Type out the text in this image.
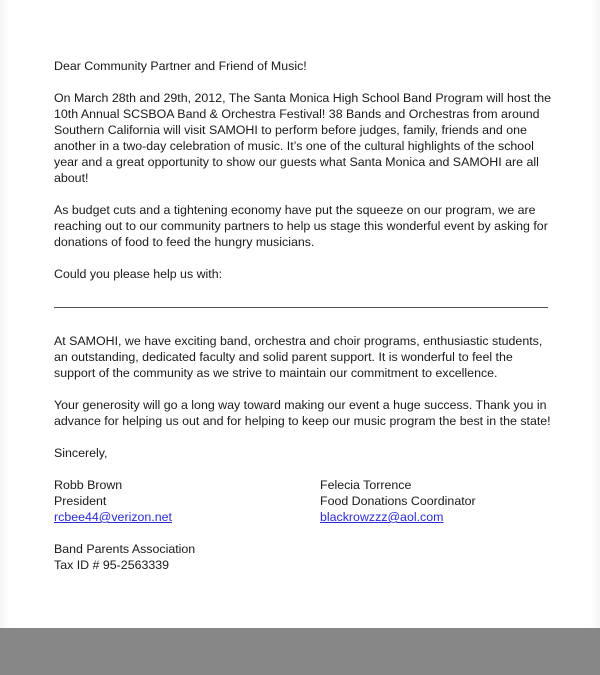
Dear Community Partner and Friend of Music!

On March 28th and 29th, 2012, The Santa Monica High School Band Program will host the 10th Annual SCSBOA Band & Orchestra Festival! 38 Bands and Orchestras from around Southern California will visit SAMOHI to perform before judges, family, friends and one another in a two-day celebration of music. It’s one of the cultural highlights of the school year and a great opportunity to show our guests what Santa Monica and SAMOHI are all about!

As budget cuts and a tightening economy have put the squeeze on our program, we are reaching out to our community partners to help us stage this wonderful event by asking for donations of food to feed the hungry musicians.

Could you please help us with:

At SAMOHI, we have exciting band, orchestra and choir programs, enthusiastic students, an outstanding, dedicated faculty and solid parent support. It is wonderful to feel the support of the community as we strive to maintain our commitment to excellence.

Your generosity will go a long way toward making our event a huge success. Thank you in advance for helping us out and for helping to keep our music program the best in the state!

Sincerely,

Robb Brown
President
rcbee44@verizon.net
Felecia Torrence
Food Donations Coordinator
blackrowzzz@aol.com
Band Parents Association
Tax ID # 95-2563339
